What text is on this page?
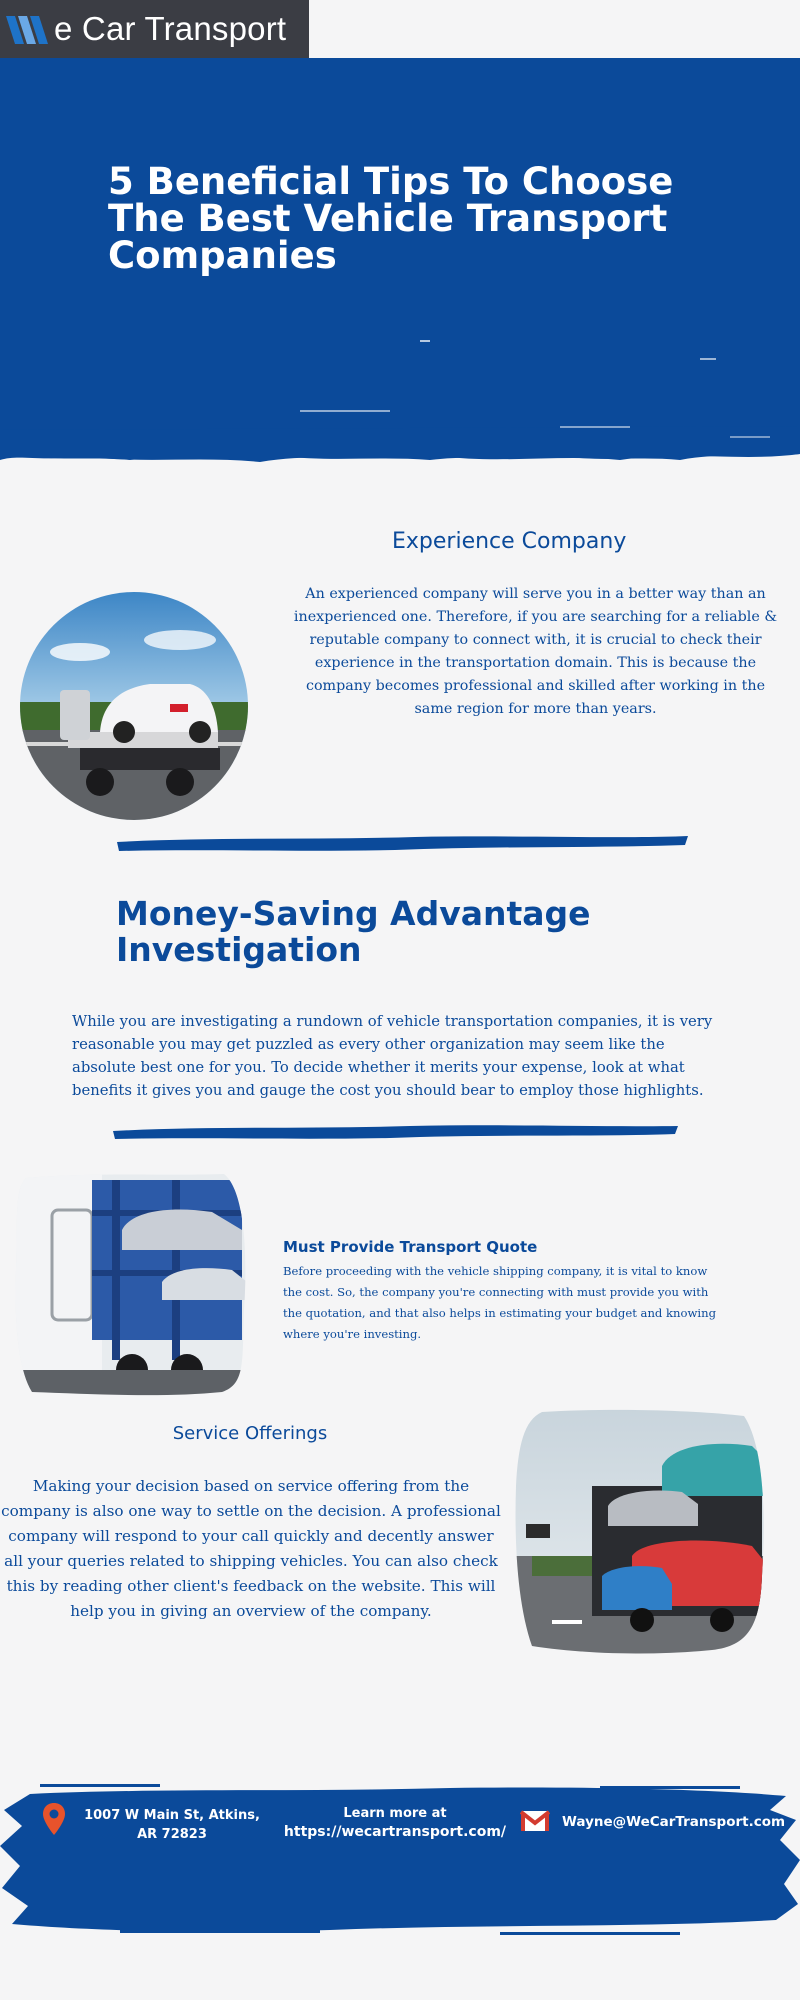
e Car Transport
5 Beneficial Tips To Choose
The Best Vehicle Transport
Companies
Experience Company
An experienced company will serve you in a better way than an inexperienced one. Therefore, if you are searching for a reliable & reputable company to connect with, it is crucial to check their experience in the transportation domain. This is because the company becomes professional and skilled after working in the same region for more than years.
Money-Saving Advantage
Investigation
While you are investigating a rundown of vehicle transportation companies, it is very reasonable you may get puzzled as every other organization may seem like the absolute best one for you. To decide whether it merits your expense, look at what benefits it gives you and gauge the cost you should bear to employ those highlights.
Must Provide Transport Quote
Before proceeding with the vehicle shipping company, it is vital to know the cost. So, the company you're connecting with must provide you with the quotation, and that also helps in estimating your budget and knowing where you're investing.
Service Offerings
Making your decision based on service offering from the company is also one way to settle on the decision. A professional company will respond to your call quickly and decently answer all your queries related to shipping vehicles. You can also check this by reading other client's feedback on the website. This will help you in giving an overview of the company.
1007 W Main St, Atkins, AR 72823
Learn more at
https://wecartransport.com/
Wayne@WeCarTransport.com
